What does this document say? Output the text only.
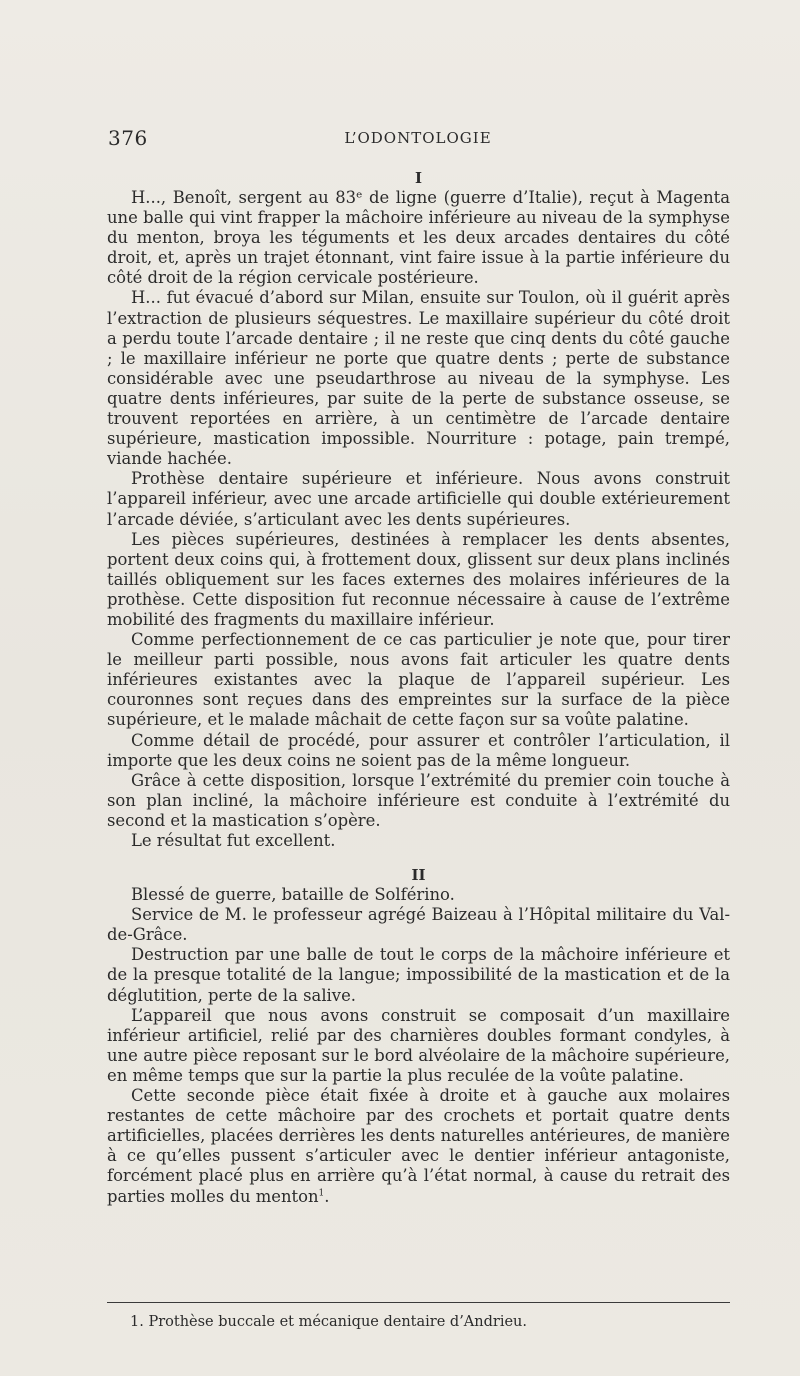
376	L’ODONTOLOGIE
I

H..., Benoît, sergent au 83ᵉ de ligne (guerre d’Italie), reçut à Magenta une balle qui vint frapper la mâchoire inférieure au niveau de la symphyse du menton, broya les téguments et les deux arcades dentaires du côté droit, et, après un trajet étonnant, vint faire issue à la partie inférieure du côté droit de la région cervicale postérieure.

H... fut évacué d’abord sur Milan, ensuite sur Toulon, où il guérit après l’extraction de plusieurs séquestres. Le maxillaire supérieur du côté droit a perdu toute l’arcade dentaire ; il ne reste que cinq dents du côté gauche ; le maxillaire inférieur ne porte que quatre dents ; perte de substance considérable avec une pseudarthrose au niveau de la symphyse. Les quatre dents inférieures, par suite de la perte de substance osseuse, se trouvent reportées en arrière, à un centimètre de l’arcade dentaire supérieure, mastication impossible. Nourriture : potage, pain trempé, viande hachée.

Prothèse dentaire supérieure et inférieure. Nous avons construit l’appareil inférieur, avec une arcade artificielle qui double extérieurement l’arcade déviée, s’articulant avec les dents supérieures.

Les pièces supérieures, destinées à remplacer les dents absentes, portent deux coins qui, à frottement doux, glissent sur deux plans inclinés taillés obliquement sur les faces externes des molaires inférieures de la prothèse. Cette disposition fut reconnue nécessaire à cause de l’extrême mobilité des fragments du maxillaire inférieur.

Comme perfectionnement de ce cas particulier je note que, pour tirer le meilleur parti possible, nous avons fait articuler les quatre dents inférieures existantes avec la plaque de l’appareil supérieur. Les couronnes sont reçues dans des empreintes sur la surface de la pièce supérieure, et le malade mâchait de cette façon sur sa voûte palatine.

Comme détail de procédé, pour assurer et contrôler l’articulation, il importe que les deux coins ne soient pas de la même longueur.

Grâce à cette disposition, lorsque l’extrémité du premier coin touche à son plan incliné, la mâchoire inférieure est conduite à l’extrémité du second et la mastication s’opère.

Le résultat fut excellent.

II

Blessé de guerre, bataille de Solférino.

Service de M. le professeur agrégé Baizeau à l’Hôpital militaire du Val-de-Grâce.

Destruction par une balle de tout le corps de la mâchoire inférieure et de la presque totalité de la langue; impossibilité de la mastication et de la déglutition, perte de la salive.

L’appareil que nous avons construit se composait d’un maxillaire inférieur artificiel, relié par des charnières doubles formant condyles, à une autre pièce reposant sur le bord alvéolaire de la mâchoire supérieure, en même temps que sur la partie la plus reculée de la voûte palatine.

Cette seconde pièce était fixée à droite et à gauche aux molaires restantes de cette mâchoire par des crochets et portait quatre dents artificielles, placées derrières les dents naturelles antérieures, de manière à ce qu’elles pussent s’articuler avec le dentier inférieur antagoniste, forcément placé plus en arrière qu’à l’état normal, à cause du retrait des parties molles du menton$^1$.

1. Prothèse buccale et mécanique dentaire d’Andrieu.
